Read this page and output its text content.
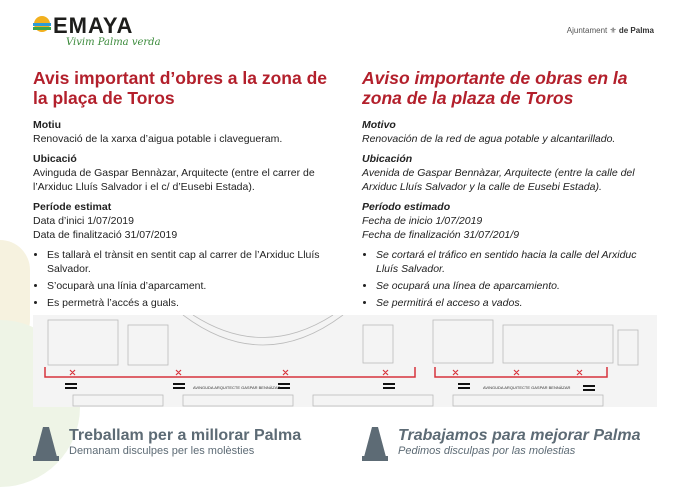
EMAYA
Vivim Palma verda
Ajuntament ⚜ de Palma
Avis important d’obres a la zona de la plaça de Toros
Motiu
Renovació de la xarxa d’aigua potable i clavegueram.
Ubicació
Avinguda de Gaspar Bennàzar, Arquitecte (entre el carrer de l’Arxiduc Lluís Salvador i el c/ d’Eusebi Estada).
Període estimat
Data d’inici 1/07/2019
Data de finalització 31/07/2019
• Es tallarà el trànsit en sentit cap al carrer de l’Arxiduc Lluís Salvador.
• S’ocuparà una línia d’aparcament.
• Es permetrà l’accés a guals.
Aviso importante de obras en la zona de la plaza de Toros
Motivo
Renovación de la red de agua potable y alcantarillado.
Ubicación
Avenida de Gaspar Bennàzar, Arquitecte (entre la calle del Arxiduc Lluís Salvador y la calle de Eusebi Estada).
Período estimado
Fecha de inicio 1/07/2019
Fecha de finalización 31/07/201/9
• Se cortará el tráfico en sentido hacia la calle del Arxiduc Lluís Salvador.
• Se ocupará una línea de aparcamiento.
• Se permitirá el acceso a vados.
AVINGUDA ARQUITECTE GASPAR BENNÀZAR	AVINGUDA ARQUITECTE GASPAR BENNÀZAR
Treballam per a millorar Palma
Demanam disculpes per les molèsties
Trabajamos para mejorar Palma
Pedimos disculpas por las molestias
